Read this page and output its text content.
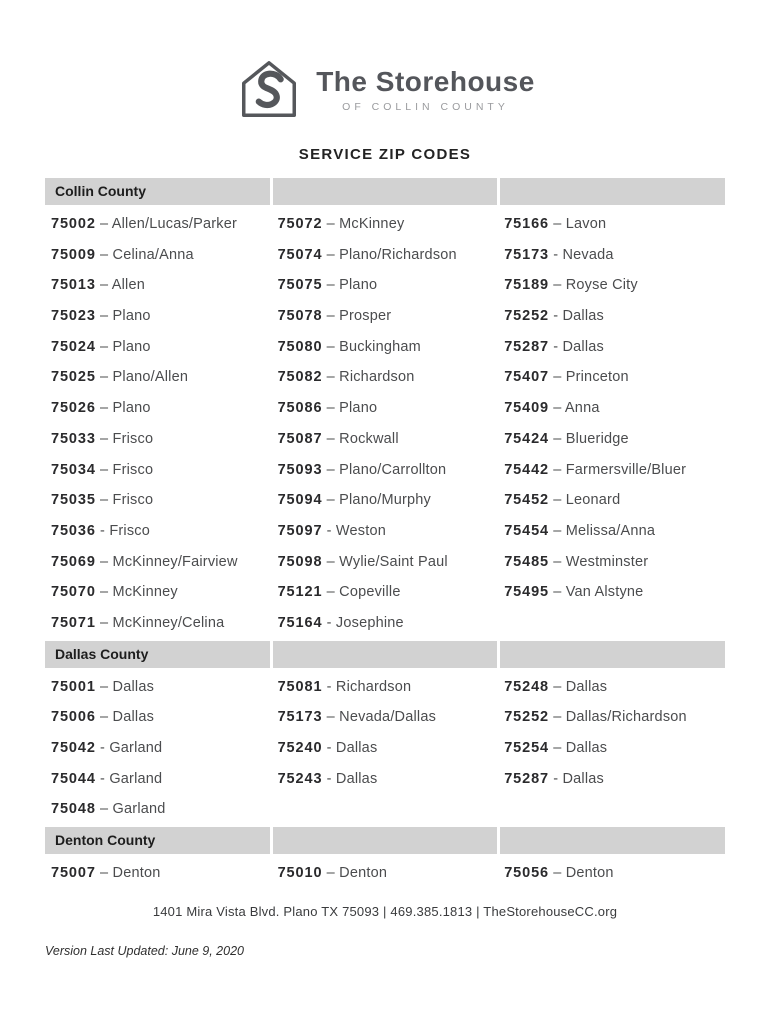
The Storehouse
OF COLLIN COUNTY
SERVICE ZIP CODES
Collin County
75002 – Allen/Lucas/Parker
75009 – Celina/Anna
75013 – Allen
75023 – Plano
75024 – Plano
75025 – Plano/Allen
75026 – Plano
75033 – Frisco
75034 – Frisco
75035 – Frisco
75036 - Frisco
75069 – McKinney/Fairview
75070 – McKinney
75071 – McKinney/Celina
75072 – McKinney
75074 – Plano/Richardson
75075 – Plano
75078 – Prosper
75080 – Buckingham
75082 – Richardson
75086 – Plano
75087 – Rockwall
75093 – Plano/Carrollton
75094 – Plano/Murphy
75097 - Weston
75098 – Wylie/Saint Paul
75121 – Copeville
75164 - Josephine
75166 – Lavon
75173 - Nevada
75189 – Royse City
75252 - Dallas
75287 - Dallas
75407 – Princeton
75409 – Anna
75424 – Blueridge
75442 – Farmersville/Bluer
75452 – Leonard
75454 – Melissa/Anna
75485 – Westminster
75495 – Van Alstyne
Dallas County
75001 – Dallas
75006 – Dallas
75042 - Garland
75044 - Garland
75048 – Garland
75081 - Richardson
75173 – Nevada/Dallas
75240 - Dallas
75243 - Dallas
75248 – Dallas
75252 – Dallas/Richardson
75254 – Dallas
75287 - Dallas
Denton County
75007 – Denton	75010 – Denton	75056 – Denton
1401 Mira Vista Blvd. Plano TX 75093 | 469.385.1813 | TheStorehouseCC.org
Version Last Updated: June 9, 2020
